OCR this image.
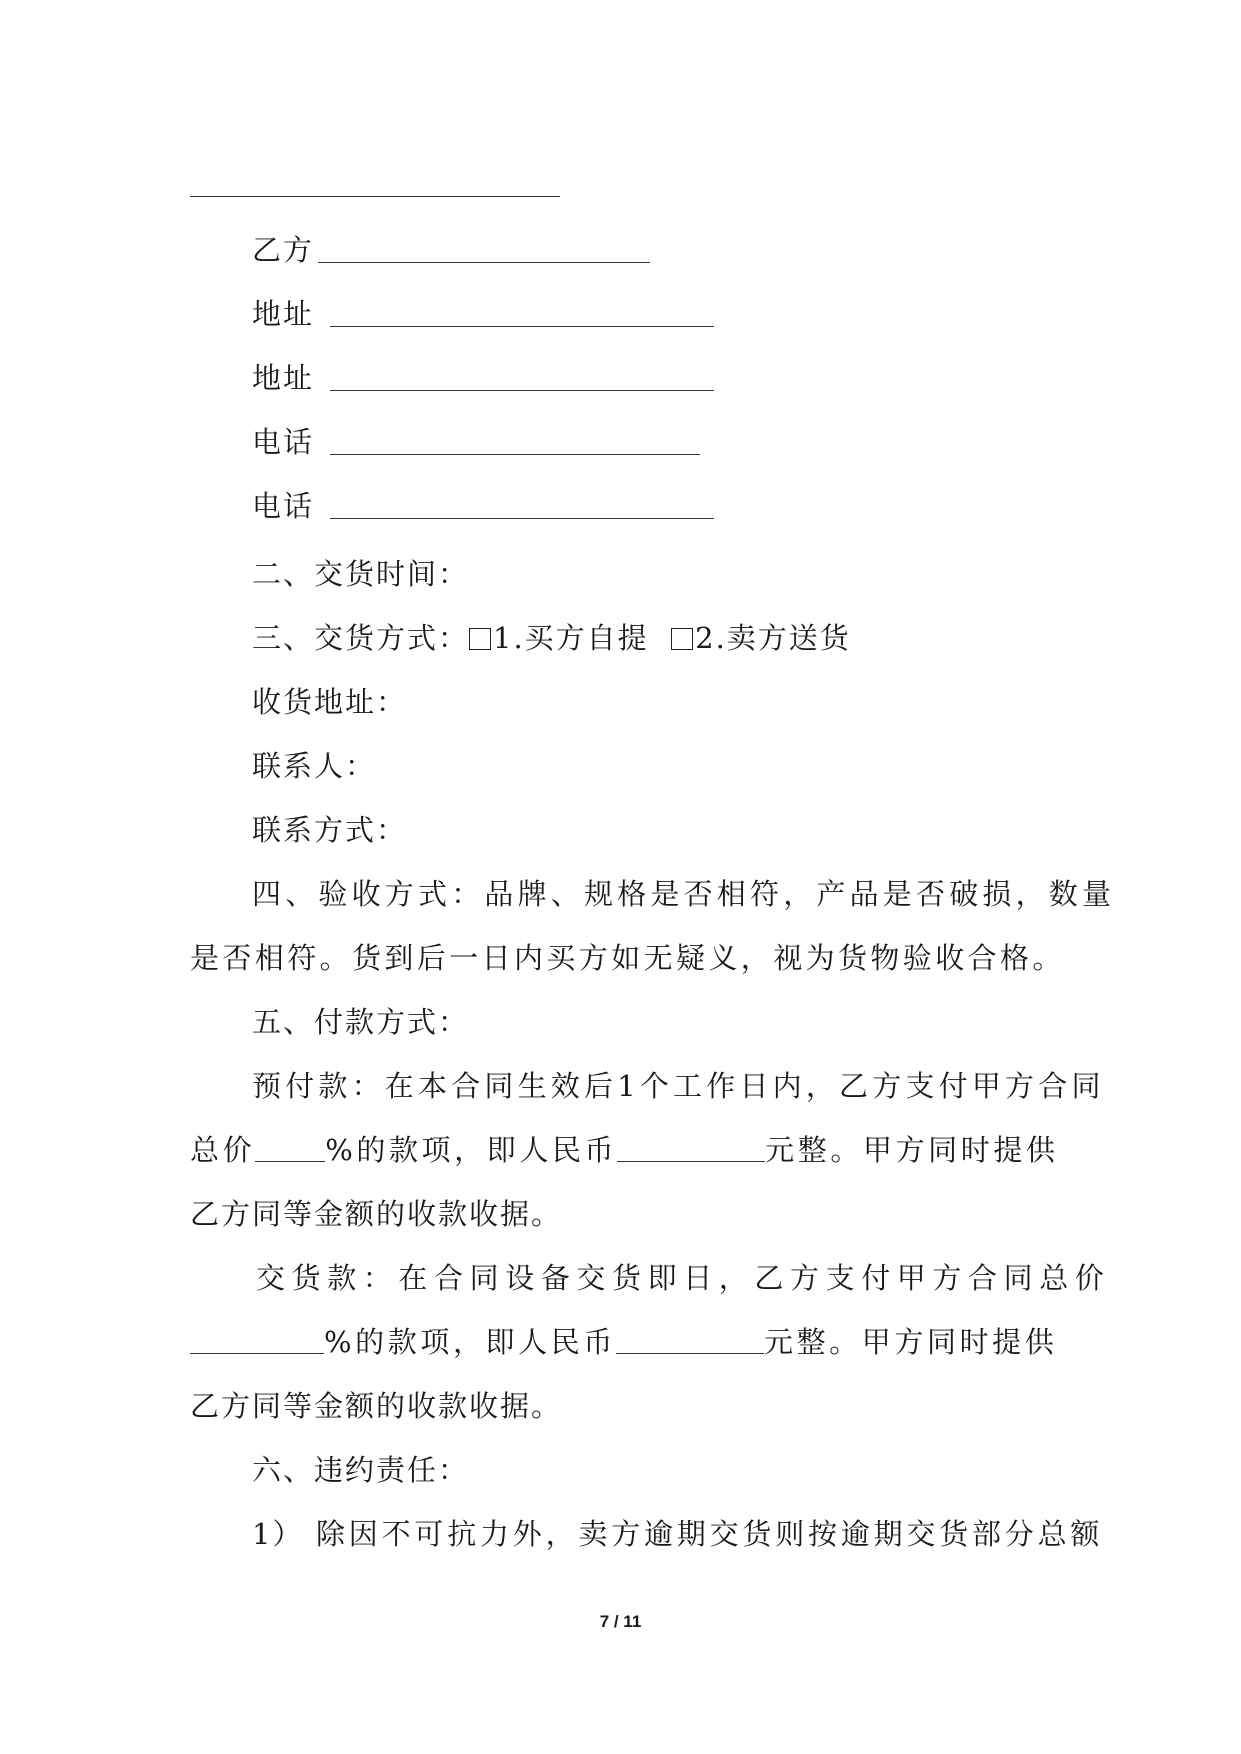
乙方
地址
地址
电话
电话
二、交货时间：
三、交货方式： 1.买方自提 2.卖方送货
收货地址：
联系人：
联系方式：
四、验收方式：品牌、规格是否相符，产品是否破损，数量
是否相符。货到后一日内买方如无疑义，视为货物验收合格。
五、付款方式：
预付款：在本合同生效后1个工作日内，乙方支付甲方合同
总价 %的款项，即人民币	元整。甲方同时提供
乙方同等金额的收款收据。
交货款：在合同设备交货即日，乙方支付甲方合同总价
%的款项，即人民币	元整。甲方同时提供
乙方同等金额的收款收据。
六、违约责任：
1） 除因不可抗力外，卖方逾期交货则按逾期交货部分总额
7 / 11
